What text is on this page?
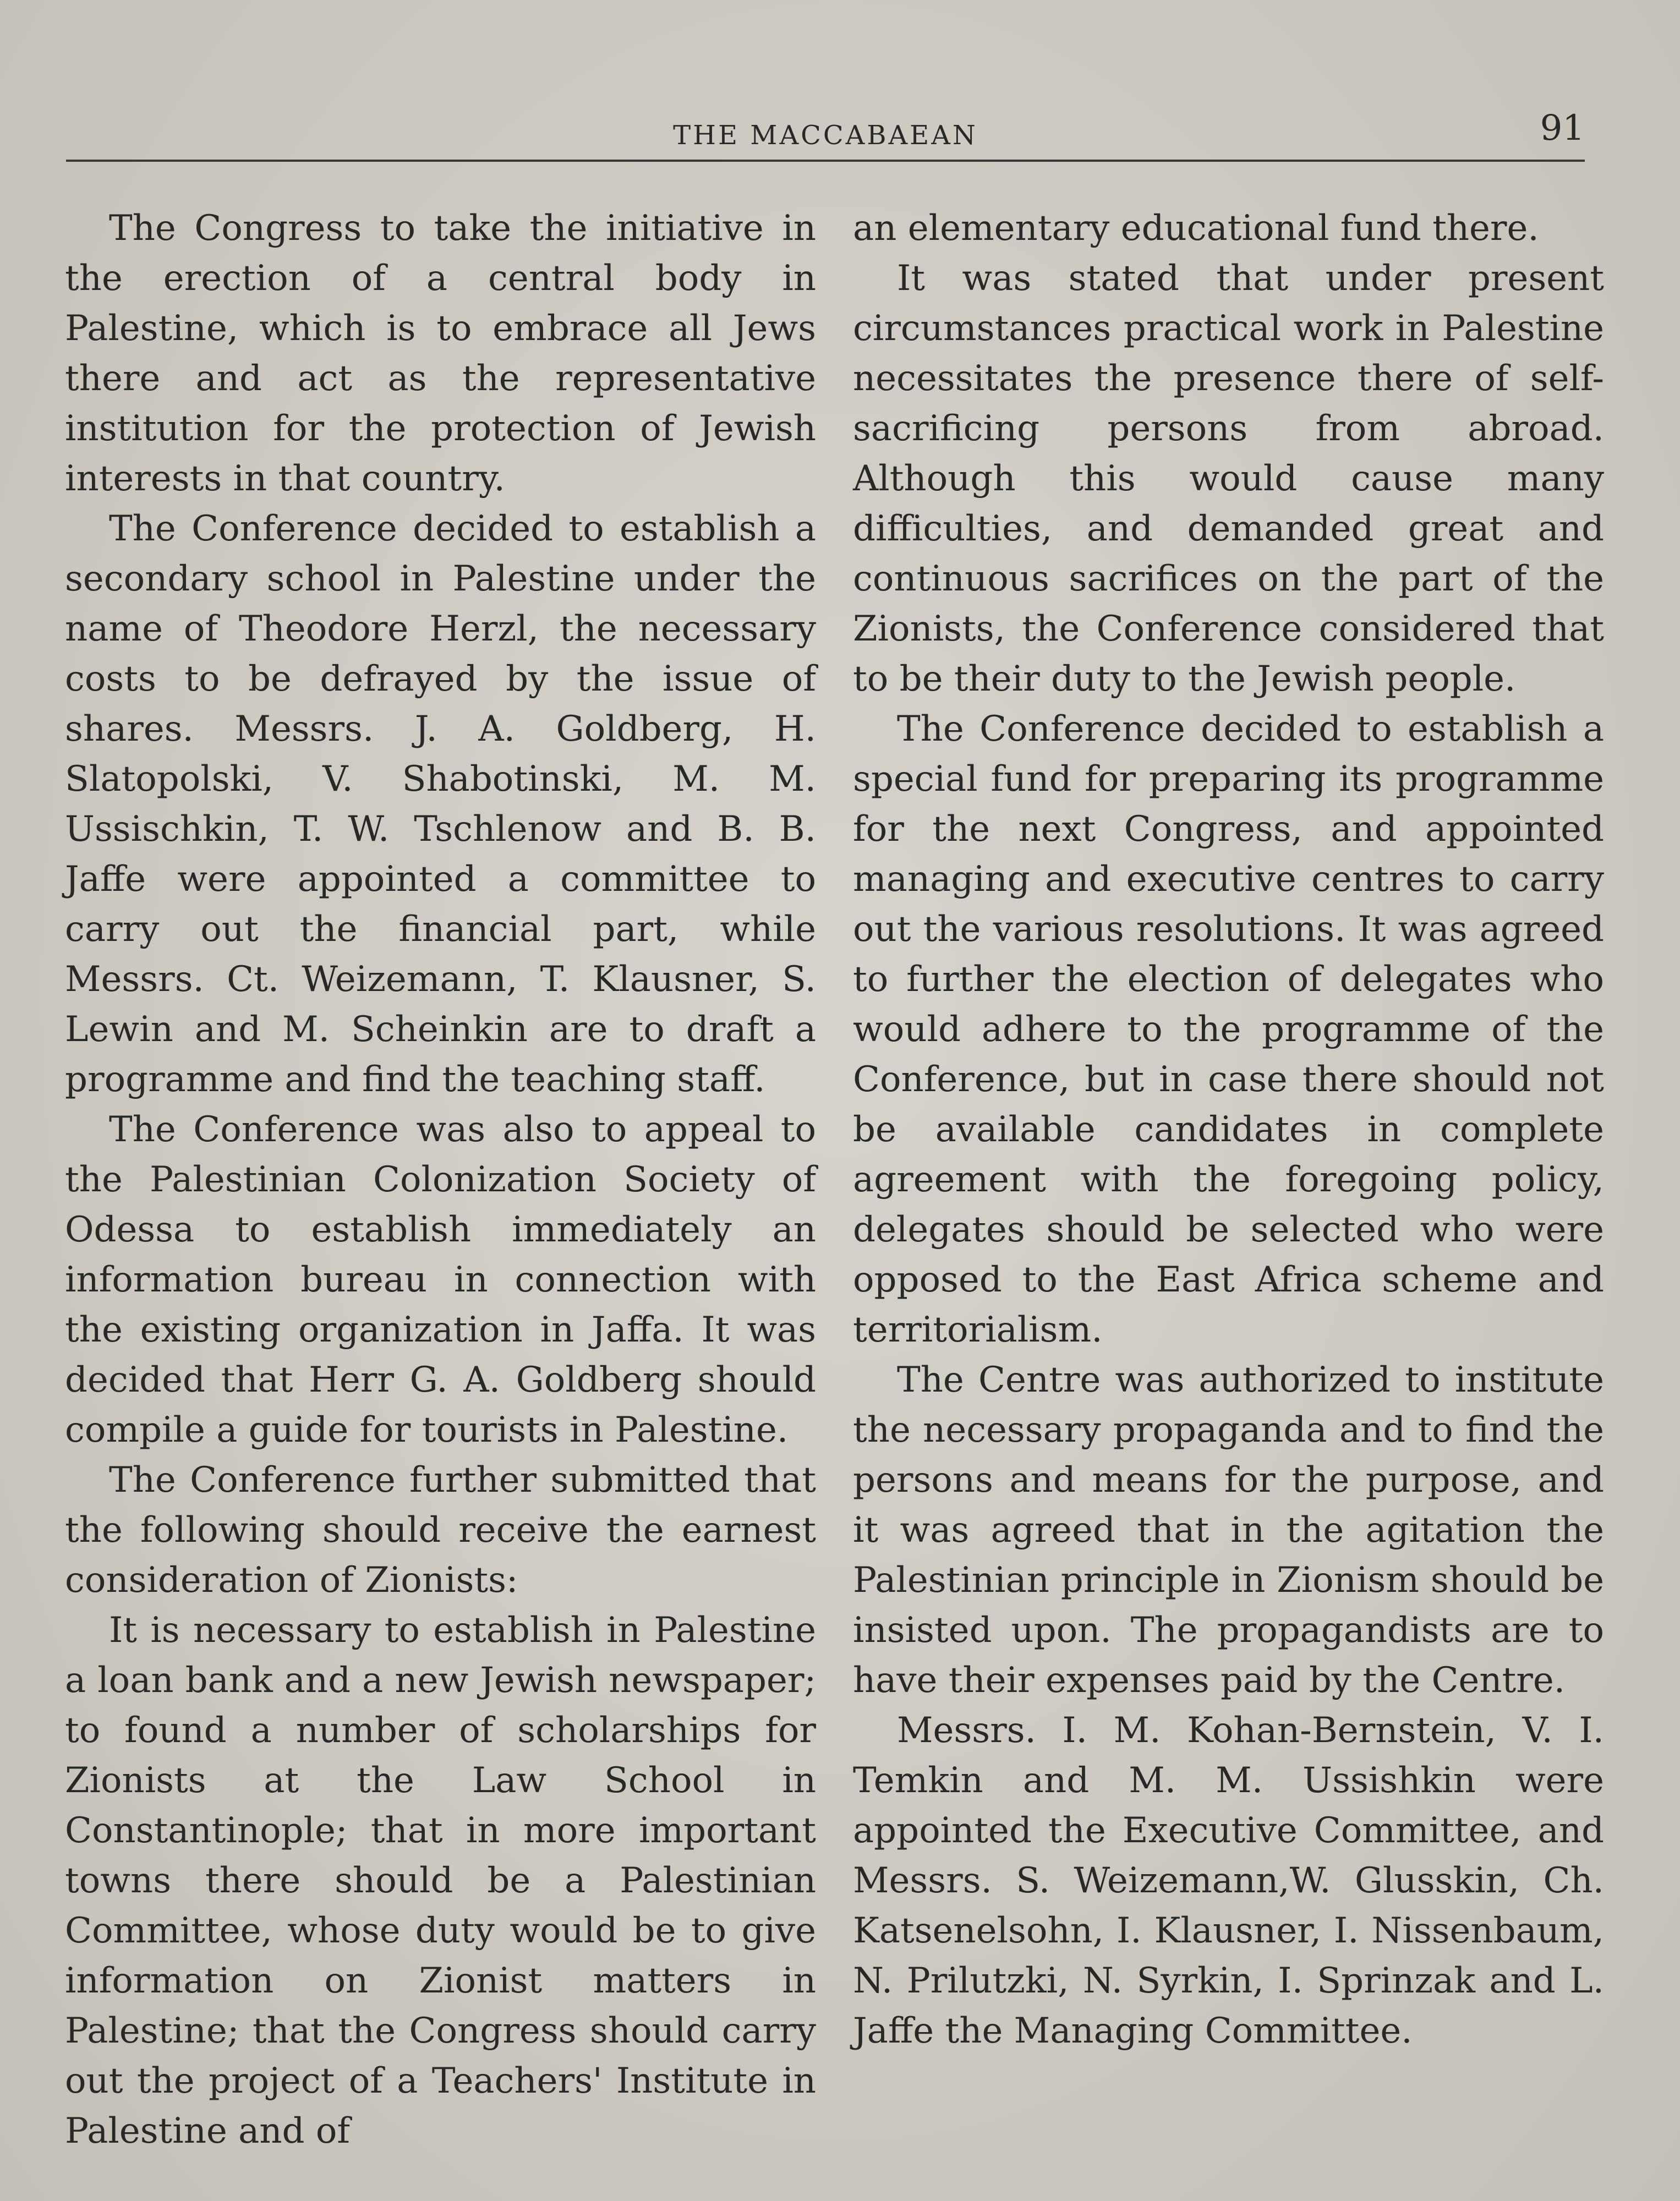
THE MACCABAEAN	91

The Congress to take the initiative in the erection of a central body in Palestine, which is to embrace all Jews there and act as the representative institution for the protection of Jewish interests in that country.

The Conference decided to establish a secondary school in Palestine under the name of Theodore Herzl, the necessary costs to be defrayed by the issue of shares. Messrs. J. A. Goldberg, H. Slatopolski, V. Shabotinski, M. M. Ussischkin, T. W. Tschlenow and B. B. Jaffe were appointed a committee to carry out the financial part, while Messrs. Ct. Weizemann, T. Klausner, S. Lewin and M. Scheinkin are to draft a programme and find the teaching staff.

The Conference was also to appeal to the Palestinian Colonization Society of Odessa to establish immediately an information bureau in connection with the existing organization in Jaffa. It was decided that Herr G. A. Goldberg should compile a guide for tourists in Palestine.

The Conference further submitted that the following should receive the earnest consideration of Zionists:

It is necessary to establish in Palestine a loan bank and a new Jewish newspaper; to found a number of scholarships for Zionists at the Law School in Constantinople; that in more important towns there should be a Palestinian Committee, whose duty would be to give information on Zionist matters in Palestine; that the Congress should carry out the project of a Teachers' Institute in Palestine and of

an elementary educational fund there.

It was stated that under present circumstances practical work in Palestine necessitates the presence there of self-sacrificing persons from abroad. Although this would cause many difficulties, and demanded great and continuous sacrifices on the part of the Zionists, the Conference considered that to be their duty to the Jewish people.

The Conference decided to establish a special fund for preparing its programme for the next Congress, and appointed managing and executive centres to carry out the various resolutions. It was agreed to further the election of delegates who would adhere to the programme of the Conference, but in case there should not be available candidates in complete agreement with the foregoing policy, delegates should be selected who were opposed to the East Africa scheme and territorialism.

The Centre was authorized to institute the necessary propaganda and to find the persons and means for the purpose, and it was agreed that in the agitation the Palestinian principle in Zionism should be insisted upon. The propagandists are to have their expenses paid by the Centre.

Messrs. I. M. Kohan-Bernstein, V. I. Temkin and M. M. Ussishkin were appointed the Executive Committee, and Messrs. S. Weizemann,W. Glusskin, Ch. Katsenelsohn, I. Klausner, I. Nissenbaum, N. Prilutzki, N. Syrkin, I. Sprinzak and L. Jaffe the Managing Committee.
